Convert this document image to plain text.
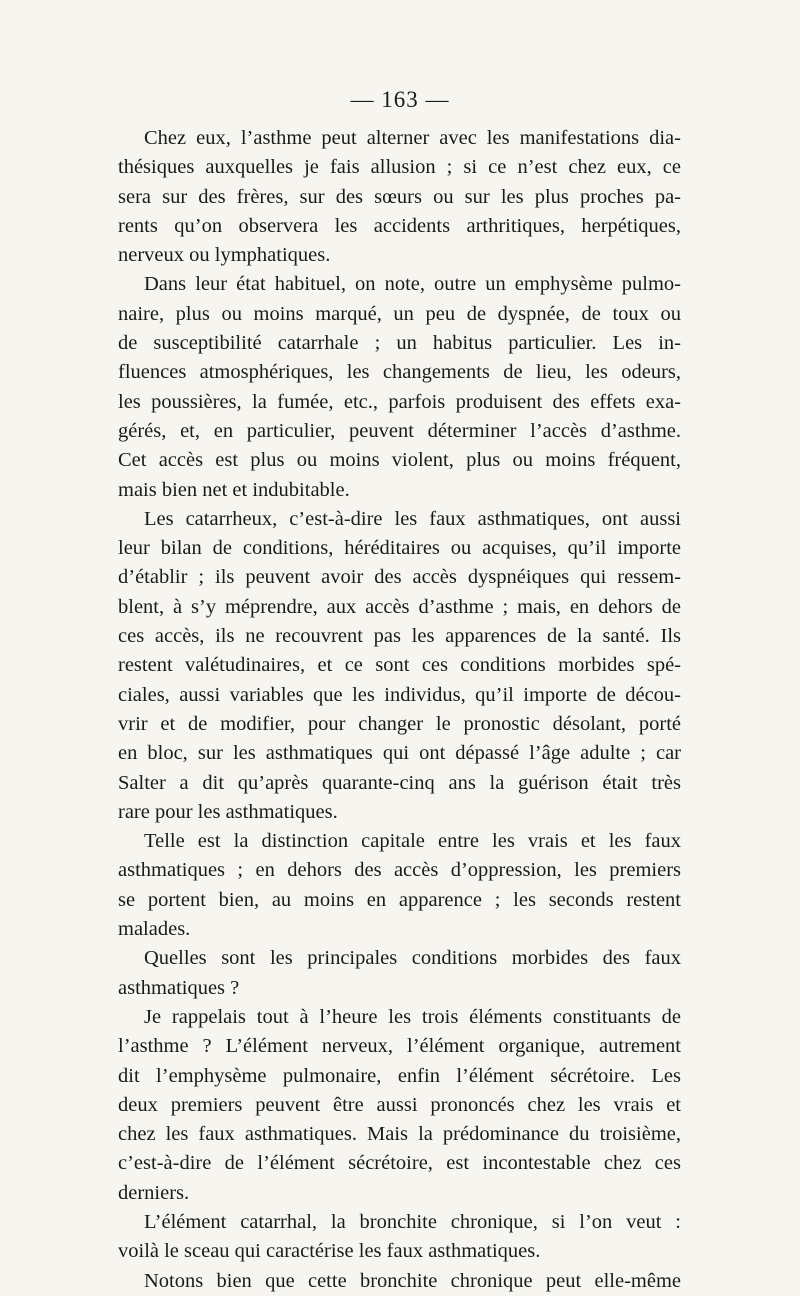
— 163 —
Chez eux, l’asthme peut alterner avec les manifestations dia-
thésiques auxquelles je fais allusion ; si ce n’est chez eux, ce
sera sur des frères, sur des sœurs ou sur les plus proches pa-
rents qu’on observera les accidents arthritiques, herpétiques,
nerveux ou lymphatiques.
Dans leur état habituel, on note, outre un emphysème pulmo-
naire, plus ou moins marqué, un peu de dyspnée, de toux ou
de susceptibilité catarrhale ; un habitus particulier. Les in-
fluences atmosphériques, les changements de lieu, les odeurs,
les poussières, la fumée, etc., parfois produisent des effets exa-
gérés, et, en particulier, peuvent déterminer l’accès d’asthme.
Cet accès est plus ou moins violent, plus ou moins fréquent,
mais bien net et indubitable.
Les catarrheux, c’est-à-dire les faux asthmatiques, ont aussi
leur bilan de conditions, héréditaires ou acquises, qu’il importe
d’établir ; ils peuvent avoir des accès dyspnéiques qui ressem-
blent, à s’y méprendre, aux accès d’asthme ; mais, en dehors de
ces accès, ils ne recouvrent pas les apparences de la santé. Ils
restent valétudinaires, et ce sont ces conditions morbides spé-
ciales, aussi variables que les individus, qu’il importe de décou-
vrir et de modifier, pour changer le pronostic désolant, porté
en bloc, sur les asthmatiques qui ont dépassé l’âge adulte ; car
Salter a dit qu’après quarante-cinq ans la guérison était très
rare pour les asthmatiques.
Telle est la distinction capitale entre les vrais et les faux
asthmatiques ; en dehors des accès d’oppression, les premiers
se portent bien, au moins en apparence ; les seconds restent
malades.
Quelles sont les principales conditions morbides des faux
asthmatiques ?
Je rappelais tout à l’heure les trois éléments constituants de
l’asthme ? L’élément nerveux, l’élément organique, autrement
dit l’emphysème pulmonaire, enfin l’élément sécrétoire. Les
deux premiers peuvent être aussi prononcés chez les vrais et
chez les faux asthmatiques. Mais la prédominance du troisième,
c’est-à-dire de l’élément sécrétoire, est incontestable chez ces
derniers.
L’élément catarrhal, la bronchite chronique, si l’on veut :
voilà le sceau qui caractérise les faux asthmatiques.
Notons bien que cette bronchite chronique peut elle-même
